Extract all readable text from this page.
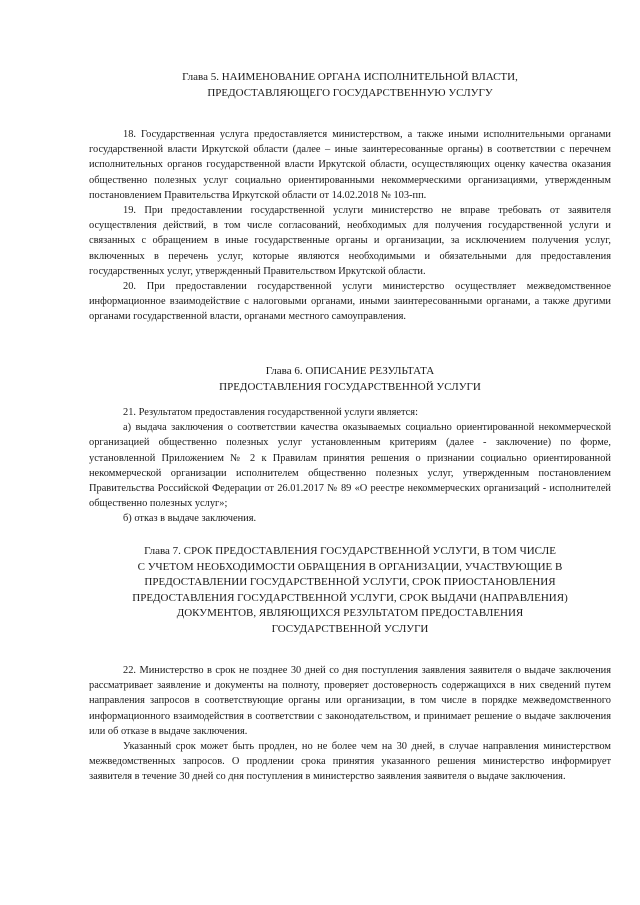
Глава 5. НАИМЕНОВАНИЕ ОРГАНА ИСПОЛНИТЕЛЬНОЙ ВЛАСТИ,
ПРЕДОСТАВЛЯЮЩЕГО ГОСУДАРСТВЕННУЮ УСЛУГУ

18. Государственная услуга предоставляется министерством, а также иными исполнительными органами государственной власти Иркутской области (далее – иные заинтересованные органы) в соответствии с перечнем исполнительных органов государственной власти Иркутской области, осуществляющих оценку качества оказания общественно полезных услуг социально ориентированными некоммерческими организациями, утвержденным постановлением Правительства Иркутской области от 14.02.2018 № 103-пп.

19. При предоставлении государственной услуги министерство не вправе требовать от заявителя осуществления действий, в том числе согласований, необходимых для получения государственной услуги и связанных с обращением в иные государственные органы и организации, за исключением получения услуг, включенных в перечень услуг, которые являются необходимыми и обязательными для предоставления государственных услуг, утвержденный Правительством Иркутской области.

20. При предоставлении государственной услуги министерство осуществляет межведомственное информационное взаимодействие с налоговыми органами, иными заинтересованными органами, а также другими органами государственной власти, органами местного самоуправления.

Глава 6. ОПИСАНИЕ РЕЗУЛЬТАТА
ПРЕДОСТАВЛЕНИЯ ГОСУДАРСТВЕННОЙ УСЛУГИ

21. Результатом предоставления государственной услуги является:

а) выдача заключения о соответствии качества оказываемых социально ориентированной некоммерческой организацией общественно полезных услуг установленным критериям (далее - заключение) по форме, установленной Приложением № 2 к Правилам принятия решения о признании социально ориентированной некоммерческой организации исполнителем общественно полезных услуг, утвержденным постановлением Правительства Российской Федерации от 26.01.2017 № 89 «О реестре некоммерческих организаций - исполнителей общественно полезных услуг»;

б) отказ в выдаче заключения.

Глава 7. СРОК ПРЕДОСТАВЛЕНИЯ ГОСУДАРСТВЕННОЙ УСЛУГИ, В ТОМ ЧИСЛЕ
С УЧЕТОМ НЕОБХОДИМОСТИ ОБРАЩЕНИЯ В ОРГАНИЗАЦИИ, УЧАСТВУЮЩИЕ В
ПРЕДОСТАВЛЕНИИ ГОСУДАРСТВЕННОЙ УСЛУГИ, СРОК ПРИОСТАНОВЛЕНИЯ
ПРЕДОСТАВЛЕНИЯ ГОСУДАРСТВЕННОЙ УСЛУГИ, СРОК ВЫДАЧИ (НАПРАВЛЕНИЯ)
ДОКУМЕНТОВ, ЯВЛЯЮЩИХСЯ РЕЗУЛЬТАТОМ ПРЕДОСТАВЛЕНИЯ
ГОСУДАРСТВЕННОЙ УСЛУГИ

22. Министерство в срок не позднее 30 дней со дня поступления заявления заявителя о выдаче заключения рассматривает заявление и документы на полноту, проверяет достоверность содержащихся в них сведений путем направления запросов в соответствующие органы или организации, в том числе в порядке межведомственного информационного взаимодействия в соответствии с законодательством, и принимает решение о выдаче заключения или об отказе в выдаче заключения.

Указанный срок может быть продлен, но не более чем на 30 дней, в случае направления министерством межведомственных запросов. О продлении срока принятия указанного решения министерство информирует заявителя в течение 30 дней со дня поступления в министерство заявления заявителя о выдаче заключения.
